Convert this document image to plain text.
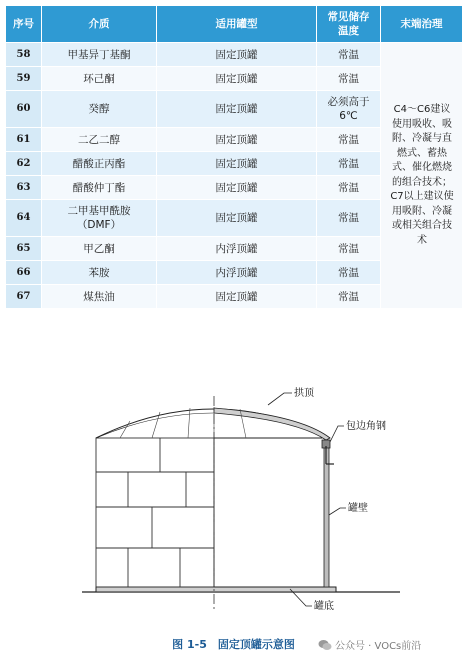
序号	介质	适用罐型	常见储存温度	末端治理
58	甲基异丁基酮	固定顶罐	常温	C4～C6建议使用吸收、吸附、冷凝与直燃式、蓄热式、催化燃烧的组合技术；C7以上建议使用吸附、冷凝或相关组合技术

59	环己酮	固定顶罐	常温	
60	癸醇	固定顶罐	必须高于6℃	

61	二乙二醇	固定顶罐	常温	
62	醋酸正丙酯	固定顶罐	常温	
63	醋酸仲丁酯	固定顶罐	常温	
64	二甲基甲酰胺（DMF）	固定顶罐	常温	
65	甲乙酮	内浮顶罐	常温	
66	苯胺	内浮顶罐	常温	
67	煤焦油	固定顶罐	常温	
拱顶
包边角钢
罐壁
罐底
图 1-5　固定顶罐示意图	公众号 · VOCs前沿
